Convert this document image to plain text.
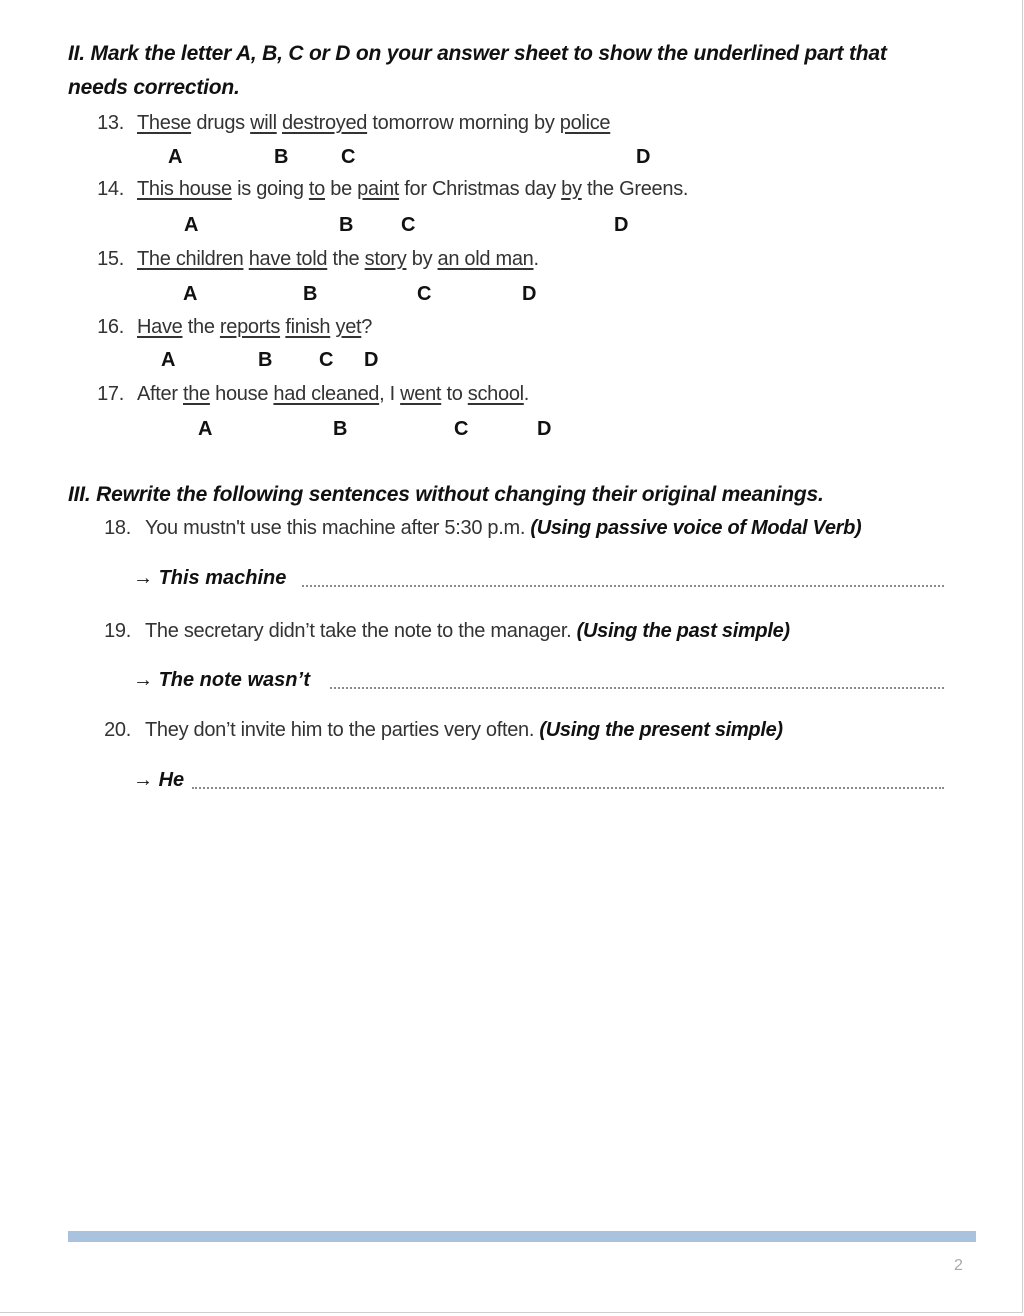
II. Mark the letter A, B, C or D on your answer sheet to show the underlined part that
needs correction.
13. These drugs will destroyed tomorrow morning by police
A	B	C	D
14. This house is going to be paint for Christmas day by the Greens.
A	B C	D
15. The children have told the story by an old man.
A	B	C	D
16. Have the reports finish yet?
A	B C D
17. After the house had cleaned, I went to school.
A	B	C	D
III. Rewrite the following sentences without changing their original meanings.
18. You mustn't use this machine after 5:30 p.m. (Using passive voice of Modal Verb)
→ This machine
19. The secretary didn’t take the note to the manager. (Using the past simple)
→ The note wasn’t
20. They don’t invite him to the parties very often. (Using the present simple)
→ He
2
